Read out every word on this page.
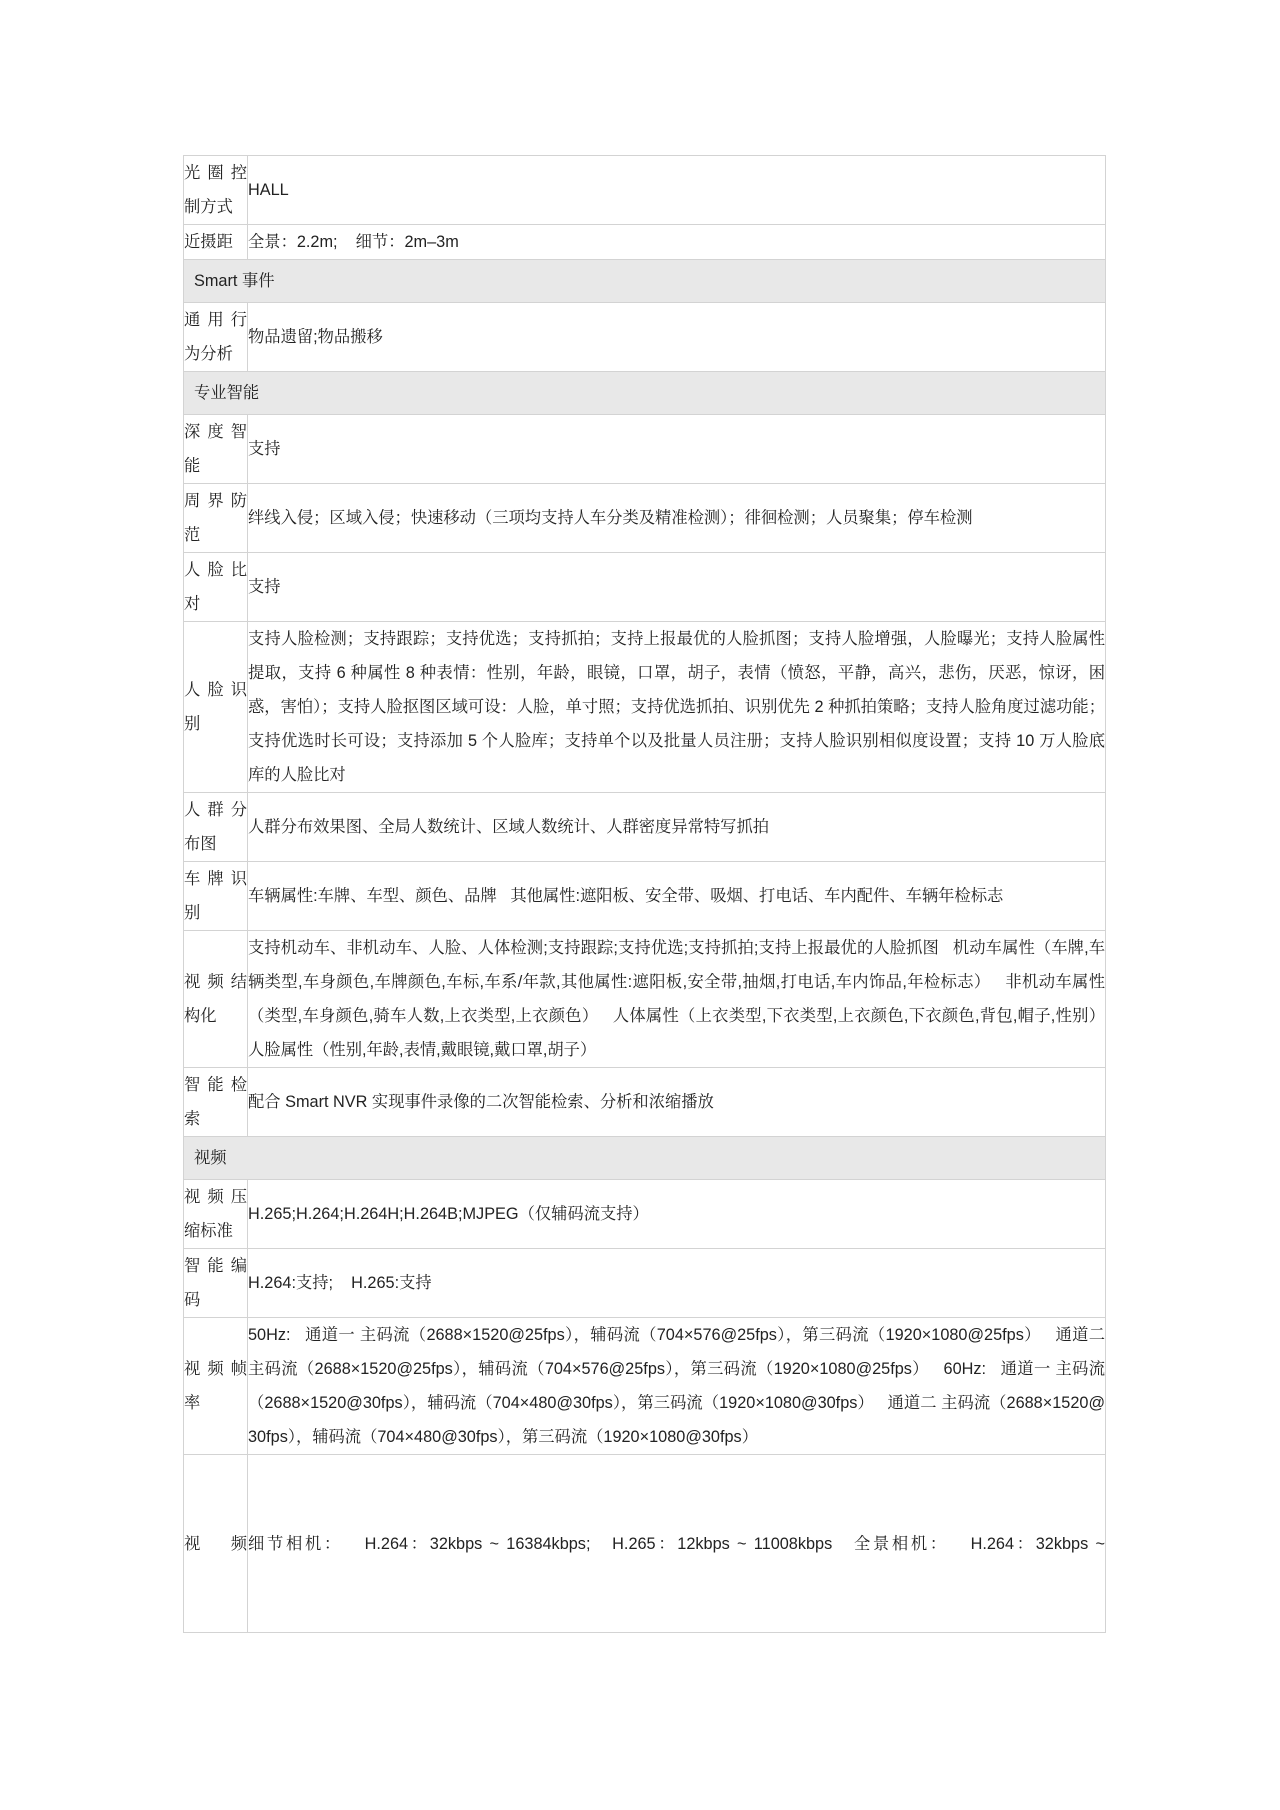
光圈控制方式	HALL
近摄距	全景：2.2m;    细节：2m–3m
Smart 事件	
通用行为分析	物品遗留;物品搬移
专业智能	
深度智能	支持
周界防范	绊线入侵；区域入侵；快速移动（三项均支持人车分类及精准检测）；徘徊检测；人员聚集；停车检测
人脸比对	支持
人脸识别	支持人脸检测；支持跟踪；支持优选；支持抓拍；支持上报最优的人脸抓图；支持人脸增强，人脸曝光；支持人脸属性提取，支持 6 种属性 8 种表情：性别，年龄，眼镜，口罩，胡子，表情（愤怒，平静，高兴，悲伤，厌恶，惊讶，困惑，害怕）；支持人脸抠图区域可设：人脸，单寸照；支持优选抓拍、识别优先 2 种抓拍策略；支持人脸角度过滤功能；支持优选时长可设；支持添加 5 个人脸库；支持单个以及批量人员注册；支持人脸识别相似度设置；支持 10 万人脸底库的人脸比对
人群分布图	人群分布效果图、全局人数统计、区域人数统计、人群密度异常特写抓拍
车牌识别	车辆属性:车牌、车型、颜色、品牌   其他属性:遮阳板、安全带、吸烟、打电话、车内配件、车辆年检标志
视频结构化	支持机动车、非机动车、人脸、人体检测;支持跟踪;支持优选;支持抓拍;支持上报最优的人脸抓图   机动车属性（车牌,车辆类型,车身颜色,车牌颜色,车标,车系/年款,其他属性:遮阳板,安全带,抽烟,打电话,车内饰品,年检标志）   非机动车属性（类型,车身颜色,骑车人数,上衣类型,上衣颜色）   人体属性（上衣类型,下衣类型,上衣颜色,下衣颜色,背包,帽子,性别）   人脸属性（性别,年龄,表情,戴眼镜,戴口罩,胡子）
智能检索	配合 Smart NVR 实现事件录像的二次智能检索、分析和浓缩播放
视频	
视频压缩标准	H.265;H.264;H.264H;H.264B;MJPEG（仅辅码流支持）
智能编码	H.264:支持;    H.265:支持
视频帧率	50Hz:   通道一 主码流（2688×1520@25fps），辅码流（704×576@25fps），第三码流（1920×1080@25fps）   通道二 主码流（2688×1520@25fps），辅码流（704×576@25fps），第三码流（1920×1080@25fps）   60Hz:   通道一 主码流（2688×1520@30fps），辅码流（704×480@30fps），第三码流（1920×1080@30fps）   通道二 主码流（2688×1520@30fps），辅码流（704×480@30fps），第三码流（1920×1080@30fps）

视频	细节相机：   H.264：32kbps ~ 16384kbps;   H.265：12kbps ~ 11008kbps   全景相机：   H.264：32kbps ~
